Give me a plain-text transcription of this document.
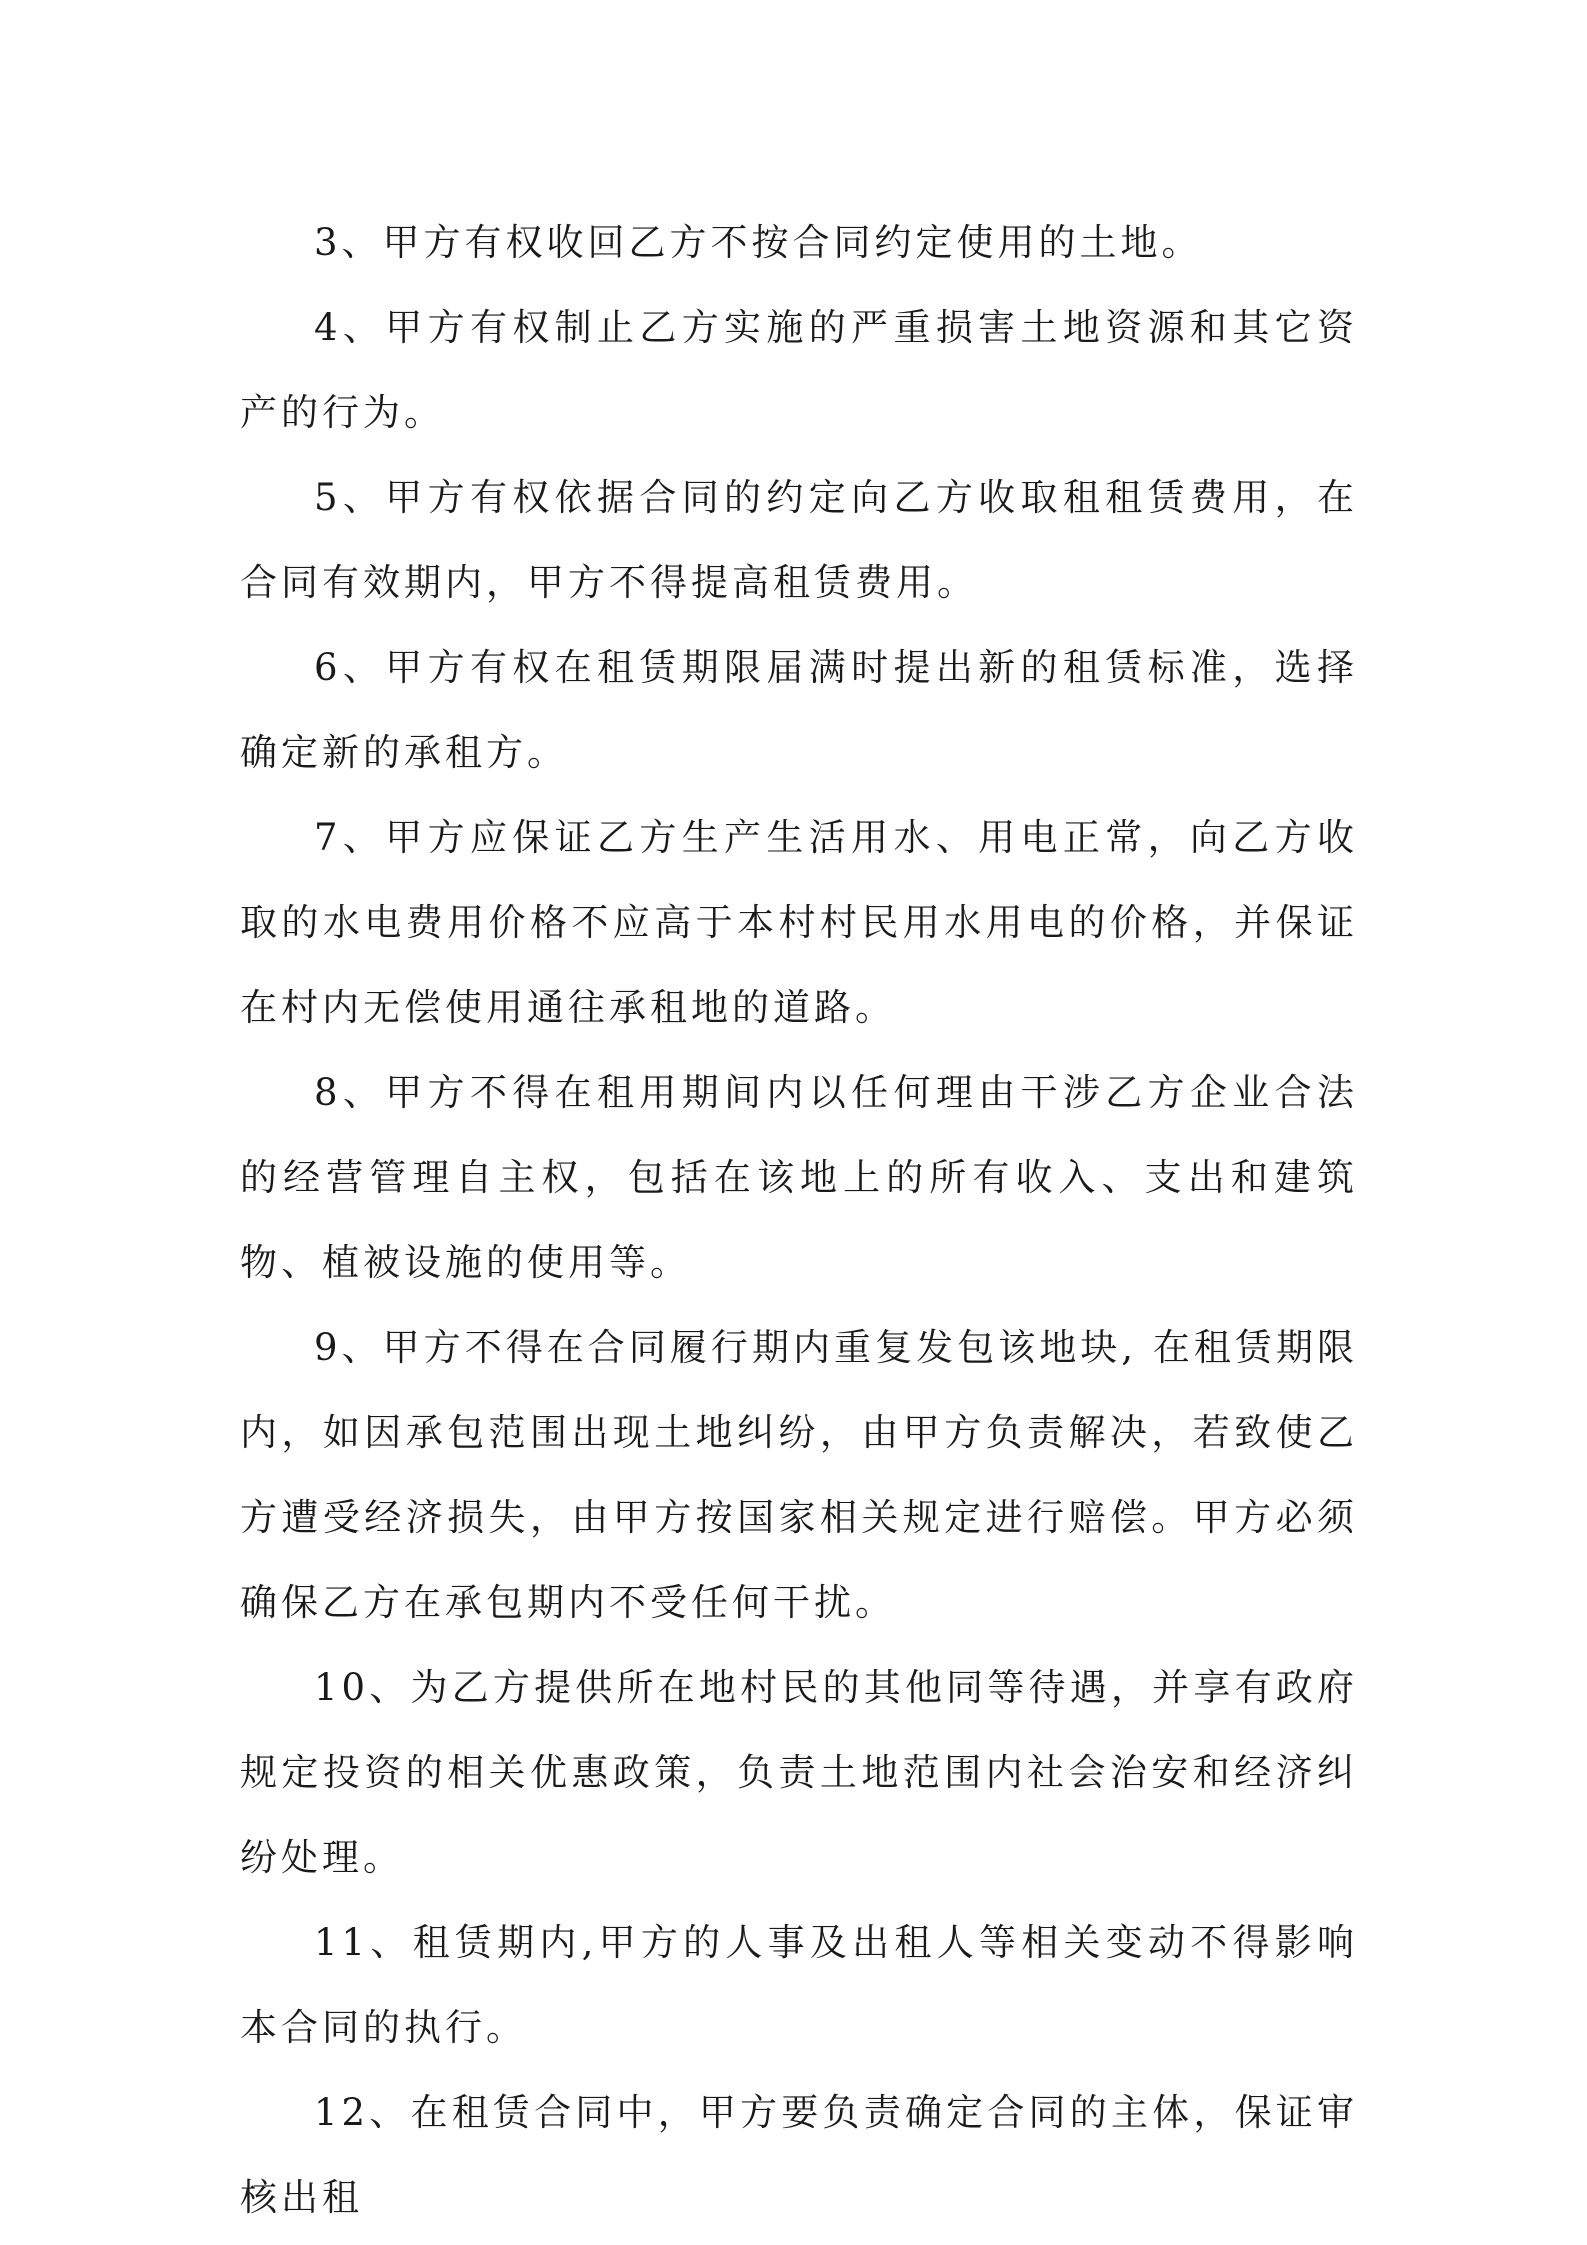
3、甲方有权收回乙方不按合同约定使用的土地。

4、甲方有权制止乙方实施的严重损害土地资源和其它资产的行为。

5、甲方有权依据合同的约定向乙方收取租租赁费用，在合同有效期内，甲方不得提高租赁费用。

6、甲方有权在租赁期限届满时提出新的租赁标准，选择确定新的承租方。

7、甲方应保证乙方生产生活用水、用电正常，向乙方收取的水电费用价格不应高于本村村民用水用电的价格，并保证在村内无偿使用通往承租地的道路。

8、甲方不得在租用期间内以任何理由干涉乙方企业合法的经营管理自主权，包括在该地上的所有收入、支出和建筑物、植被设施的使用等。

9、甲方不得在合同履行期内重复发包该地块, 在租赁期限内，如因承包范围出现土地纠纷，由甲方负责解决，若致使乙方遭受经济损失，由甲方按国家相关规定进行赔偿。甲方必须确保乙方在承包期内不受任何干扰。

10、为乙方提供所在地村民的其他同等待遇，并享有政府规定投资的相关优惠政策，负责土地范围内社会治安和经济纠纷处理。

11、租赁期内,甲方的人事及出租人等相关变动不得影响本合同的执行。

12、在租赁合同中，甲方要负责确定合同的主体，保证审核出租
